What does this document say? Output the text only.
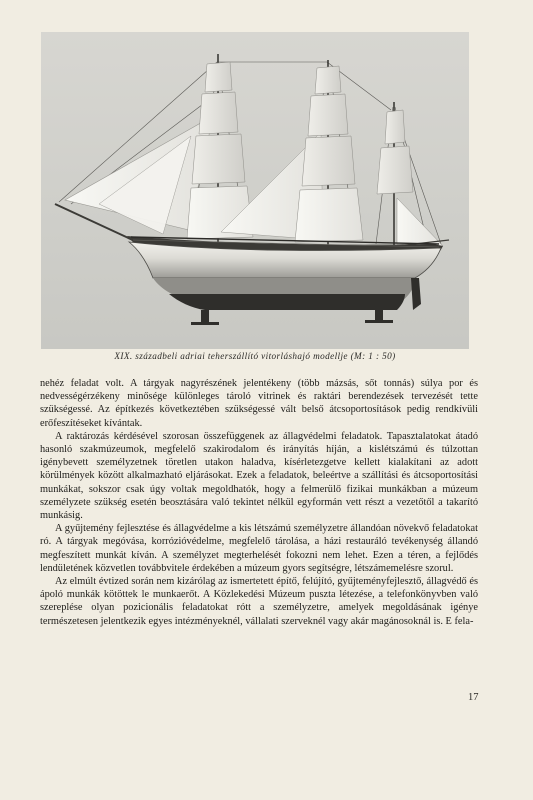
XIX. századbeli adriai teherszállító vitorláshajó modellje (M: 1 : 50)

nehéz feladat volt. A tárgyak nagyrészének jelentékeny (több mázsás, sőt tonnás) súlya por és nedvességérzékeny minősége különleges tároló vitrinek és raktári berendezések tervezését tette szükségessé. Az építkezés következtében szükségessé vált belső átcsoportosítások pedig rendkívüli erőfeszítéseket kívántak.

A raktározás kérdésével szorosan összefüggenek az állagvédelmi feladatok. Tapasztalatokat átadó hasonló szakmúzeumok, megfelelő szakirodalom és irányítás híján, a kislétszámú és túlzottan igénybevett személyzetnek töretlen utakon haladva, kísérletezgetve kellett kialakítani az adott körülmények között alkalmazható eljárásokat. Ezek a feladatok, beleértve a szállítási és átcsoportosítási munkákat, sokszor csak úgy voltak megoldhatók, hogy a felmerülő fizikai munkákban a múzeum személyzete szükség esetén beosztására való tekintet nélkül egyformán vett részt a vezetőtől a takarító munkásig.

A gyűjtemény fejlesztése és állagvédelme a kis létszámú személyzetre állandóan növekvő feladatokat ró. A tárgyak megóvása, korrózióvédelme, megfelelő tárolása, a házi restauráló tevékenység állandó megfeszített munkát kíván. A személyzet megterhelését fokozni nem lehet. Ezen a téren, a fejlődés lendületének közvetlen továbbvitele érdekében a múzeum gyors segítségre, létszámemelésre szorul.

Az elmúlt évtized során nem kizárólag az ismertetett építő, felújító, gyűjteményfejlesztő, állagvédő és ápoló munkák kötöttek le munkaerőt. A Közlekedési Múzeum puszta létezése, a telefonkönyvben való szereplése olyan pozicionális feladatokat rótt a személyzetre, amelyek megoldásának igénye természetesen jelentkezik egyes intézményeknél, vállalati szerveknél vagy akár magánosoknál is. E fela-

17
